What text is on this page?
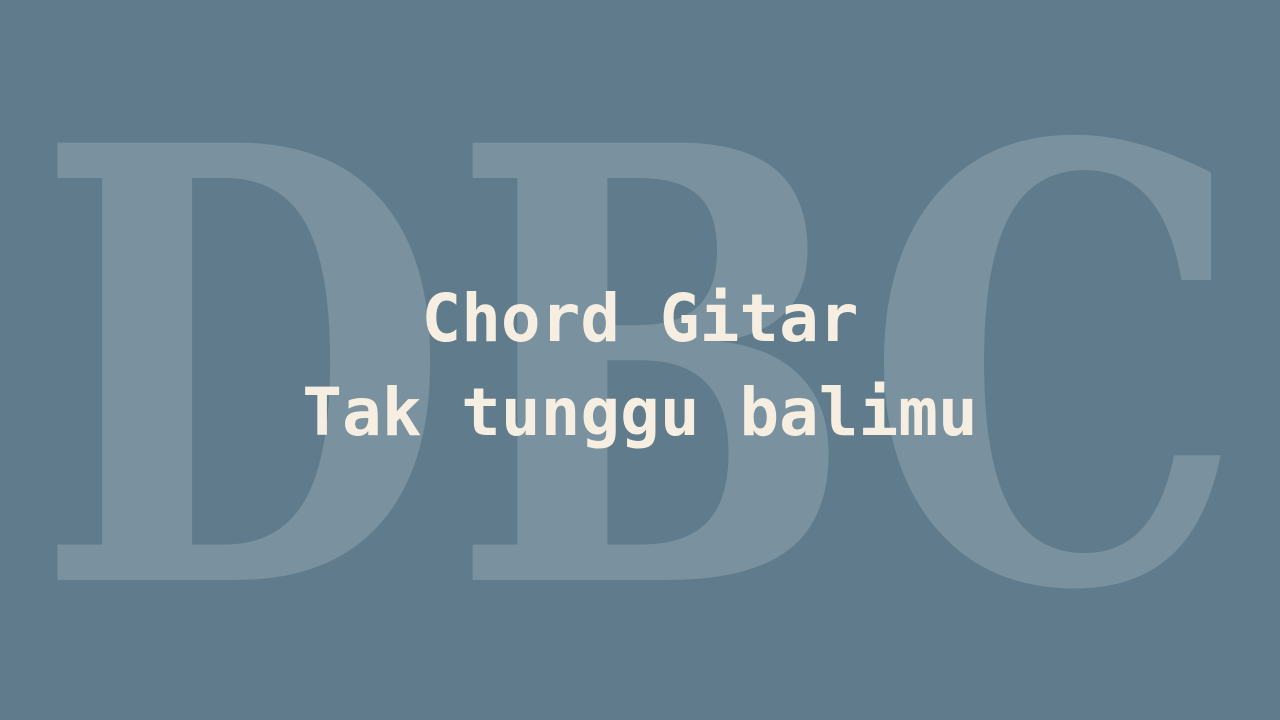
DBC
Chord Gitar
Tak tunggu balimu
